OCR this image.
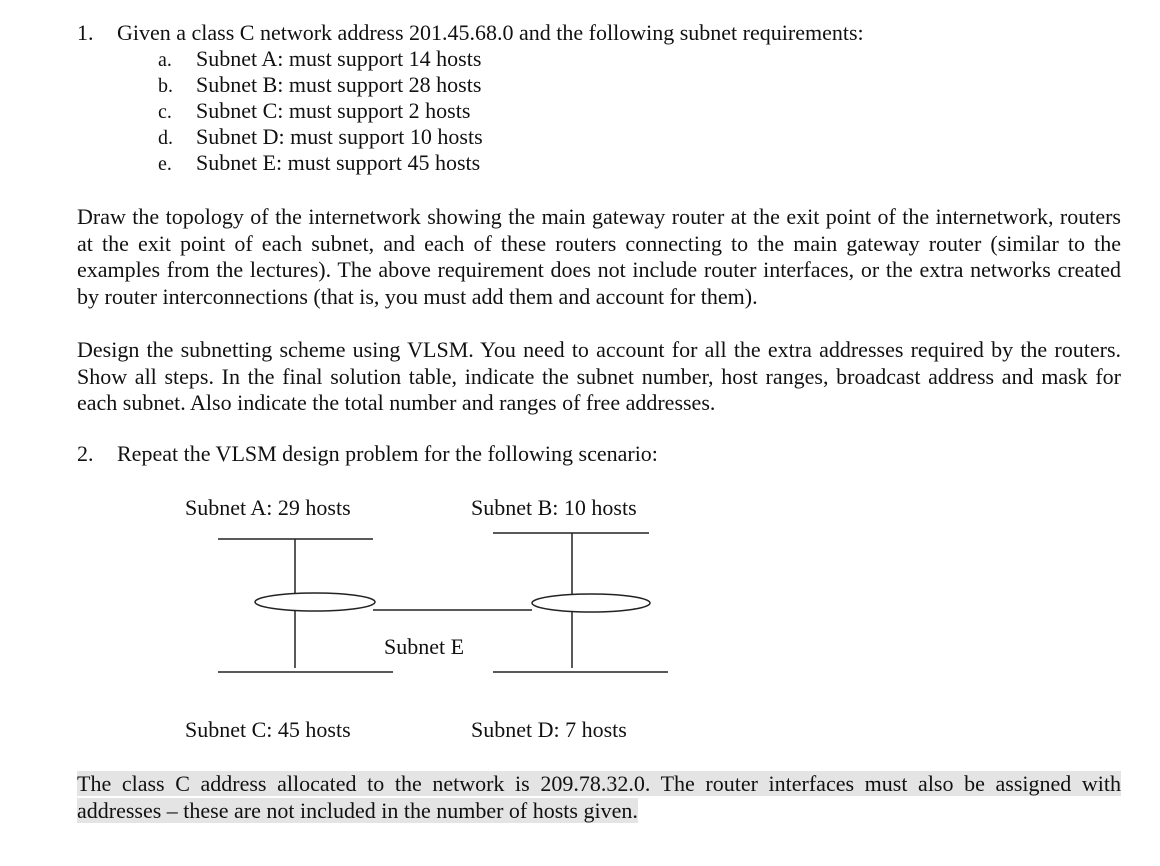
1. Given a class C network address 201.45.68.0 and the following subnet requirements:
a. Subnet A: must support 14 hosts
b. Subnet B: must support 28 hosts
c. Subnet C: must support 2 hosts
d. Subnet D: must support 10 hosts
e. Subnet E: must support 45 hosts
Draw the topology of the internetwork showing the main gateway router at the exit point of the internetwork, routers at the exit point of each subnet, and each of these routers connecting to the main gateway router (similar to the examples from the lectures). The above requirement does not include router interfaces, or the extra networks created by router interconnections (that is, you must add them and account for them).
Design the subnetting scheme using VLSM. You need to account for all the extra addresses required by the routers. Show all steps. In the final solution table, indicate the subnet number, host ranges, broadcast address and mask for each subnet. Also indicate the total number and ranges of free addresses.
2. Repeat the VLSM design problem for the following scenario:
Subnet A: 29 hosts	Subnet B: 10 hosts
Subnet E
Subnet C: 45 hosts	Subnet D: 7 hosts
The class C address allocated to the network is 209.78.32.0. The router interfaces must also be assigned with addresses – these are not included in the number of hosts given.
